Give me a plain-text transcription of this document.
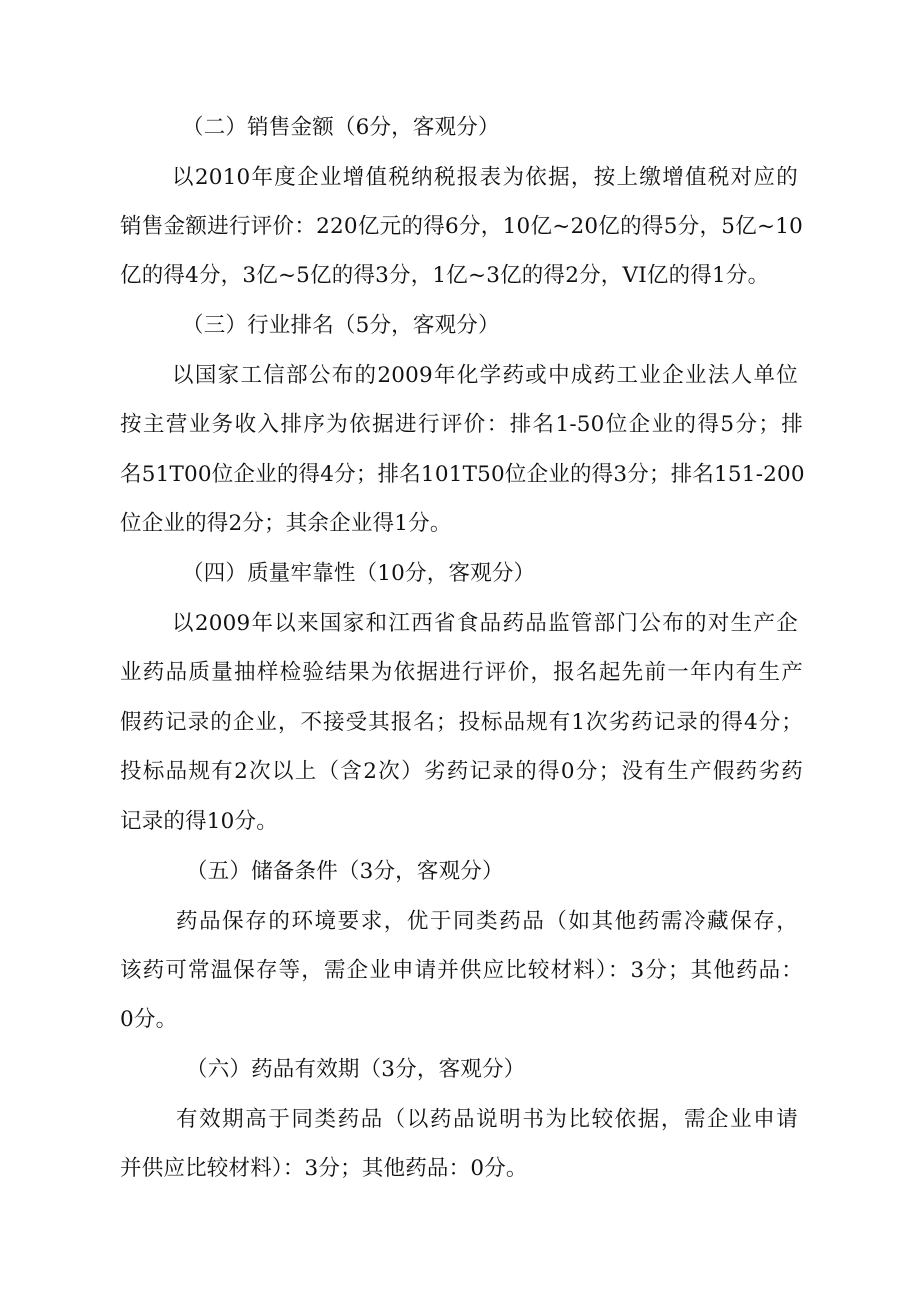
（二）销售金额（6分，客观分）
以2010年度企业增值税纳税报表为依据，按上缴增值税对应的
销售金额进行评价：220亿元的得6分，10亿~20亿的得5分，5亿~10
亿的得4分，3亿~5亿的得3分，1亿~3亿的得2分，VI亿的得1分。
（三）行业排名（5分，客观分）
以国家工信部公布的2009年化学药或中成药工业企业法人单位
按主营业务收入排序为依据进行评价：排名1-50位企业的得5分；排
名51T00位企业的得4分；排名101T50位企业的得3分；排名151-200
位企业的得2分；其余企业得1分。
（四）质量牢靠性（10分，客观分）
以2009年以来国家和江西省食品药品监管部门公布的对生产企
业药品质量抽样检验结果为依据进行评价，报名起先前一年内有生产
假药记录的企业，不接受其报名；投标品规有1次劣药记录的得4分；
投标品规有2次以上（含2次）劣药记录的得0分；没有生产假药劣药
记录的得10分。
（五）储备条件（3分，客观分）
药品保存的环境要求，优于同类药品（如其他药需冷藏保存，
该药可常温保存等，需企业申请并供应比较材料）：3分；其他药品：
0分。
（六）药品有效期（3分，客观分）
有效期高于同类药品（以药品说明书为比较依据，需企业申请
并供应比较材料）：3分；其他药品：0分。
